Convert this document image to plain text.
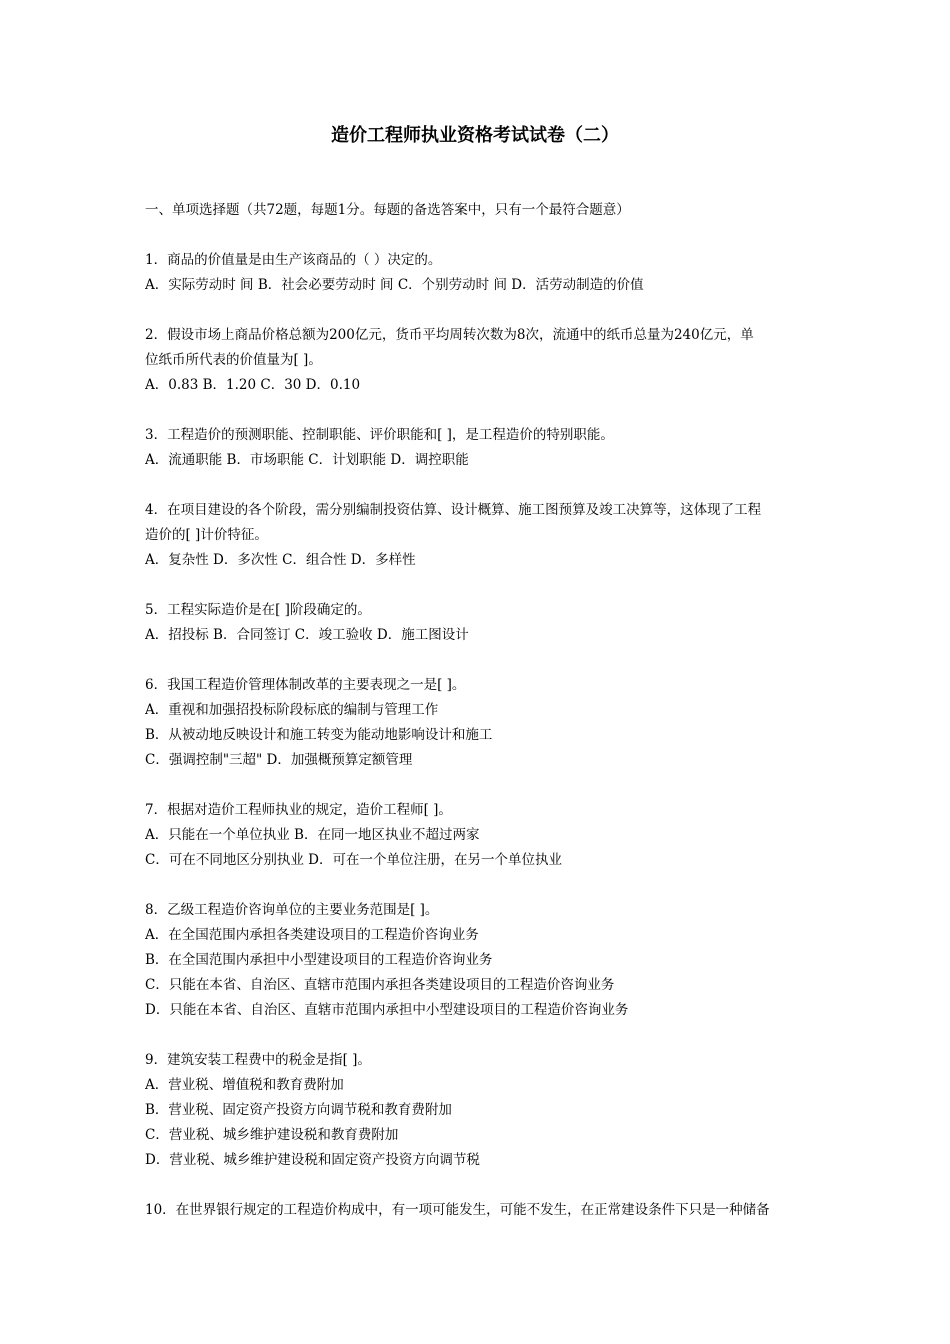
造价工程师执业资格考试试卷（二）
一、单项选择题（共72题，每题1分。每题的备选答案中，只有一个最符合题意）
1．商品的价值量是由生产该商品的（ ）决定的。
A．实际劳动时 间 B．社会必要劳动时 间 C．个别劳动时 间 D．活劳动制造的价值
2．假设市场上商品价格总额为200亿元，货币平均周转次数为8次，流通中的纸币总量为240亿元，单
位纸币所代表的价值量为[ ]。
A．0.83 B．1.20 C．30 D．0.10
3．工程造价的预测职能、控制职能、评价职能和[ ]，是工程造价的特别职能。
A．流通职能 B．市场职能 C．计划职能 D．调控职能
4．在项目建设的各个阶段，需分别编制投资估算、设计概算、施工图预算及竣工决算等，这体现了工程
造价的[ ]计价特征。
A．复杂性 D．多次性 C．组合性 D．多样性
5．工程实际造价是在[ ]阶段确定的。
A．招投标 B．合同签订 C．竣工验收 D．施工图设计
6．我国工程造价管理体制改革的主要表现之一是[ ]。
A．重视和加强招投标阶段标底的编制与管理工作
B．从被动地反映设计和施工转变为能动地影响设计和施工
C．强调控制"三超" D．加强概预算定额管理
7．根据对造价工程师执业的规定，造价工程师[ ]。
A．只能在一个单位执业 B．在同一地区执业不超过两家
C．可在不同地区分别执业 D．可在一个单位注册，在另一个单位执业
8．乙级工程造价咨询单位的主要业务范围是[ ]。
A．在全国范围内承担各类建设项目的工程造价咨询业务
B．在全国范围内承担中小型建设项目的工程造价咨询业务
C．只能在本省、自治区、直辖市范围内承担各类建设项目的工程造价咨询业务
D．只能在本省、自治区、直辖市范围内承担中小型建设项目的工程造价咨询业务
9．建筑安装工程费中的税金是指[ ]。
A．营业税、增值税和教育费附加
B．营业税、固定资产投资方向调节税和教育费附加
C．营业税、城乡维护建设税和教育费附加
D．营业税、城乡维护建设税和固定资产投资方向调节税
10．在世界银行规定的工程造价构成中，有一项可能发生，可能不发生，在正常建设条件下只是一种储备
